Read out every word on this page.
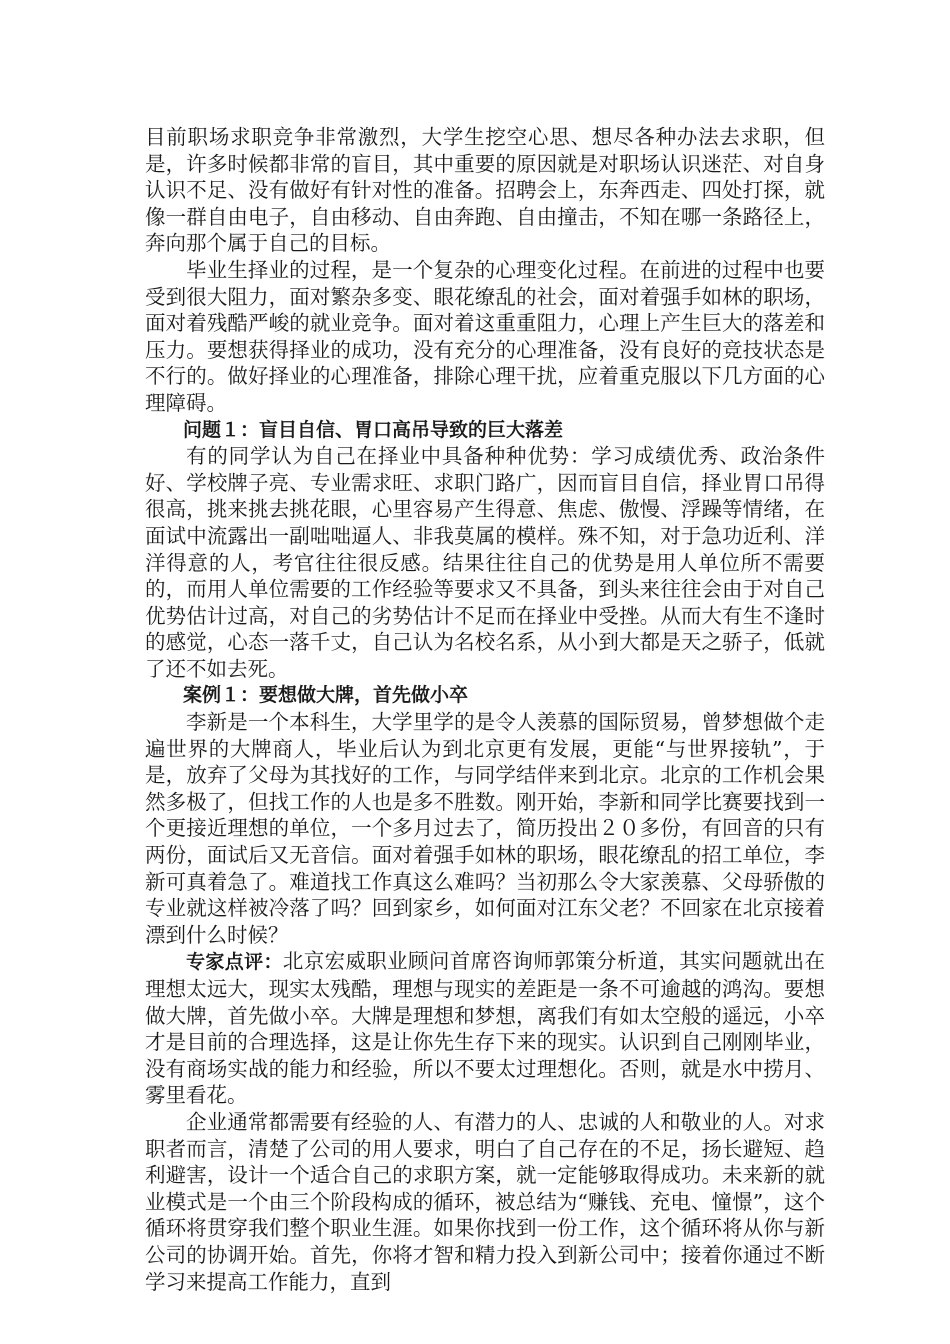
目前职场求职竞争非常激烈，大学生挖空心思、想尽各种办法去求职，但是，许多时候都非常的盲目，其中重要的原因就是对职场认识迷茫、对自身认识不足、没有做好有针对性的准备。招聘会上，东奔西走、四处打探，就像一群自由电子，自由移动、自由奔跑、自由撞击，不知在哪一条路径上，奔向那个属于自己的目标。

毕业生择业的过程，是一个复杂的心理变化过程。在前进的过程中也要受到很大阻力，面对繁杂多变、眼花缭乱的社会，面对着强手如林的职场，面对着残酷严峻的就业竞争。面对着这重重阻力，心理上产生巨大的落差和压力。要想获得择业的成功，没有充分的心理准备，没有良好的竞技状态是不行的。做好择业的心理准备，排除心理干扰，应着重克服以下几方面的心理障碍。

问题１：盲目自信、胃口高吊导致的巨大落差

有的同学认为自己在择业中具备种种优势：学习成绩优秀、政治条件好、学校牌子亮、专业需求旺、求职门路广，因而盲目自信，择业胃口吊得很高，挑来挑去挑花眼，心里容易产生得意、焦虑、傲慢、浮躁等情绪，在面试中流露出一副咄咄逼人、非我莫属的模样。殊不知，对于急功近利、洋洋得意的人，考官往往很反感。结果往往自己的优势是用人单位所不需要的，而用人单位需要的工作经验等要求又不具备，到头来往往会由于对自己优势估计过高，对自己的劣势估计不足而在择业中受挫。从而大有生不逢时的感觉，心态一落千丈，自己认为名校名系，从小到大都是天之骄子，低就了还不如去死。

案例１：要想做大牌，首先做小卒

李新是一个本科生，大学里学的是令人羡慕的国际贸易，曾梦想做个走遍世界的大牌商人，毕业后认为到北京更有发展，更能“与世界接轨”，于是，放弃了父母为其找好的工作，与同学结伴来到北京。北京的工作机会果然多极了，但找工作的人也是多不胜数。刚开始，李新和同学比赛要找到一个更接近理想的单位，一个多月过去了，简历投出２０多份，有回音的只有两份，面试后又无音信。面对着强手如林的职场，眼花缭乱的招工单位，李新可真着急了。难道找工作真这么难吗？当初那么令大家羡慕、父母骄傲的专业就这样被冷落了吗？回到家乡，如何面对江东父老？不回家在北京接着漂到什么时候？

专家点评：北京宏威职业顾问首席咨询师郭策分析道，其实问题就出在理想太远大，现实太残酷，理想与现实的差距是一条不可逾越的鸿沟。要想做大牌，首先做小卒。大牌是理想和梦想，离我们有如太空般的遥远，小卒才是目前的合理选择，这是让你先生存下来的现实。认识到自己刚刚毕业，没有商场实战的能力和经验，所以不要太过理想化。否则，就是水中捞月、雾里看花。

企业通常都需要有经验的人、有潜力的人、忠诚的人和敬业的人。对求职者而言，清楚了公司的用人要求，明白了自己存在的不足，扬长避短、趋利避害，设计一个适合自己的求职方案，就一定能够取得成功。未来新的就业模式是一个由三个阶段构成的循环，被总结为“赚钱、充电、憧憬”，这个循环将贯穿我们整个职业生涯。如果你找到一份工作，这个循环将从你与新公司的协调开始。首先，你将才智和精力投入到新公司中；接着你通过不断学习来提高工作能力，直到
